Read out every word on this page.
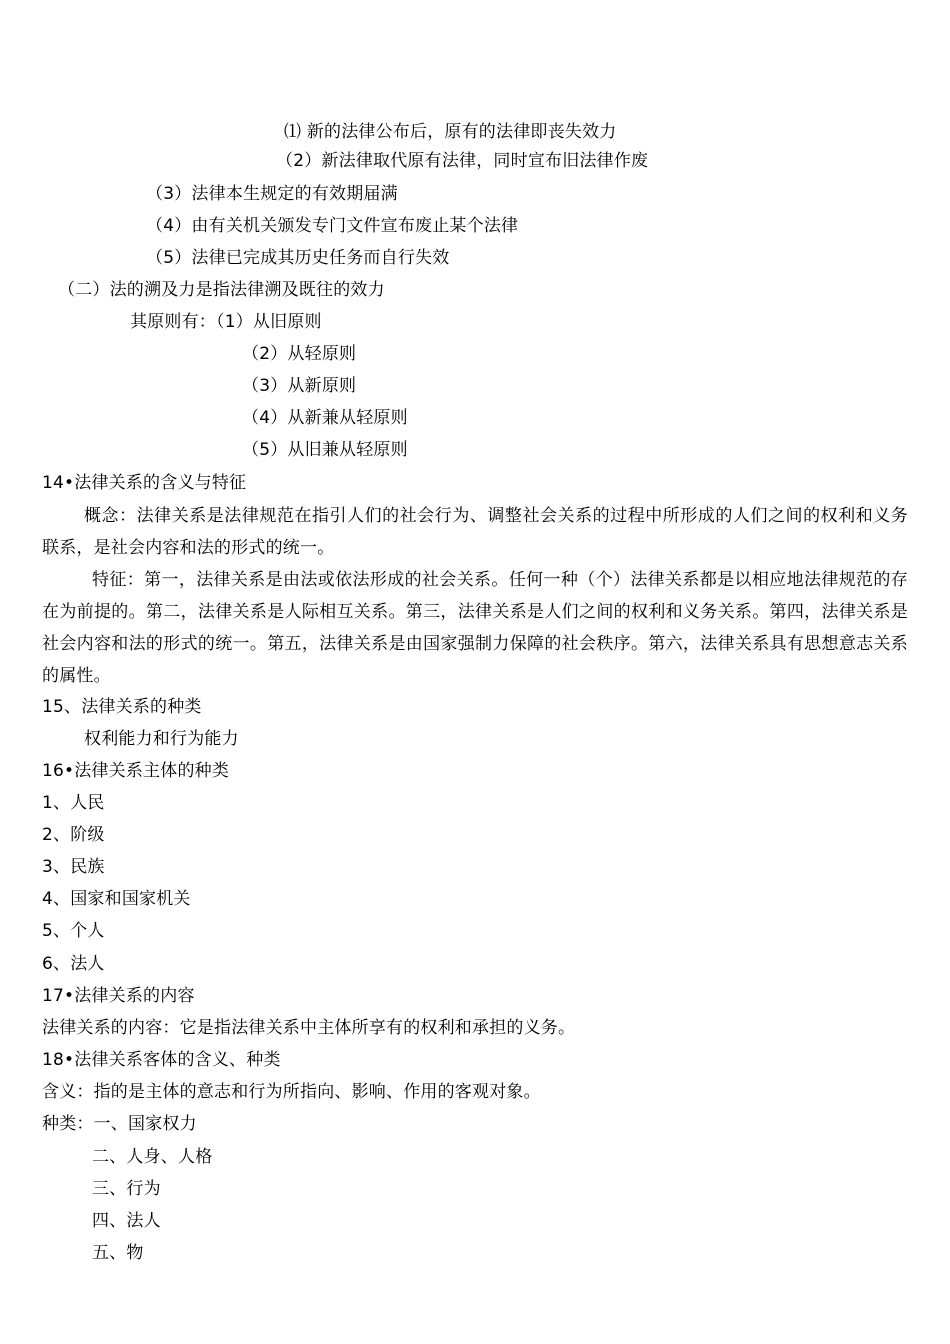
⑴ 新的法律公布后，原有的法律即丧失效力
（2）新法律取代原有法律，同时宣布旧法律作废
（3）法律本生规定的有效期届满
（4）由有关机关颁发专门文件宣布废止某个法律
（5）法律已完成其历史任务而自行失效
（二）法的溯及力是指法律溯及既往的效力
其原则有：（1）从旧原则
（2）从轻原则
（3）从新原则
（4）从新兼从轻原则
（5）从旧兼从轻原则
14•法律关系的含义与特征
概念：法律关系是法律规范在指引人们的社会行为、调整社会关系的过程中所形成的人们之间的权利和义务联系，是社会内容和法的形式的统一。
特征：第一，法律关系是由法或依法形成的社会关系。任何一种（个）法律关系都是以相应地法律规范的存在为前提的。第二，法律关系是人际相互关系。第三，法律关系是人们之间的权利和义务关系。第四，法律关系是社会内容和法的形式的统一。第五，法律关系是由国家强制力保障的社会秩序。第六，法律关系具有思想意志关系的属性。
15、法律关系的种类
权利能力和行为能力
16•法律关系主体的种类
1、人民
2、阶级
3、民族
4、国家和国家机关
5、个人
6、法人
17•法律关系的内容
法律关系的内容：它是指法律关系中主体所享有的权利和承担的义务。
18•法律关系客体的含义、种类
含义：指的是主体的意志和行为所指向、影响、作用的客观对象。
种类：一、国家权力
二、人身、人格
三、行为
四、法人
五、物
